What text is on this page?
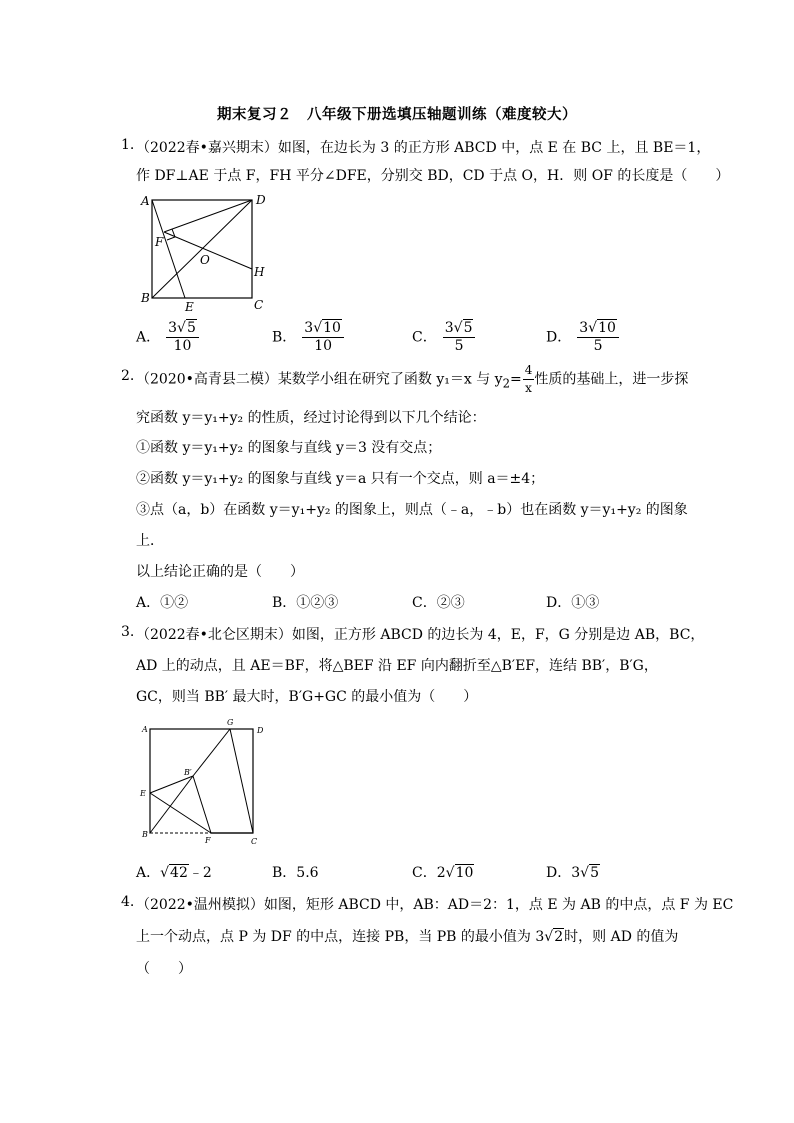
期末复习２　八年级下册选填压轴题训练（难度较大）
1. （2022春•嘉兴期末）如图，在边长为 3 的正方形 ABCD 中，点 E 在 BC 上，且 BE＝1，
作 DF⊥AE 于点 F，FH 平分∠DFE，分别交 BD，CD 于点 O，H．则 OF 的长度是（　　）
A	D
B	C
E
F
O
H
A． $\frac{3√5}{10}$	B． $\frac{3√10}{10}$	C． $\frac{3√5}{5}$	D． $\frac{3√10}{5}$
2. （2020•高青县二模）某数学小组在研究了函数 y₁＝x 与 $y_2= \frac{4}{x}$ 性质的基础上，进一步探
究函数 y＝y₁+y₂ 的性质，经过讨论得到以下几个结论：
①函数 y＝y₁+y₂ 的图象与直线 y＝3 没有交点；
②函数 y＝y₁+y₂ 的图象与直线 y＝a 只有一个交点，则 a＝±4；
③点（a，b）在函数 y＝y₁+y₂ 的图象上，则点（﹣a，﹣b）也在函数 y＝y₁+y₂ 的图象
上．
以上结论正确的是（　　）
A．①②	B．①②③	C．②③	D．①③
3. （2022春•北仑区期末）如图，正方形 ABCD 的边长为 4，E，F，G 分别是边 AB，BC，
AD 上的动点，且 AE＝BF，将△BEF 沿 EF 向内翻折至△B′EF，连结 BB′，B′G，
GC，则当 BB′ 最大时，B′G+GC 的最小值为（　　）
A	D
B
C
E
F
G
B′
A．√42﹣2	B．5.6	C．2√10	D．3√5
4. （2022•温州模拟）如图，矩形 ABCD 中，AB：AD＝2：1，点 E 为 AB 的中点，点 F 为 EC
上一个动点，点 P 为 DF 的中点，连接 PB，当 PB 的最小值为 3√2时，则 AD 的值为
（　　）
